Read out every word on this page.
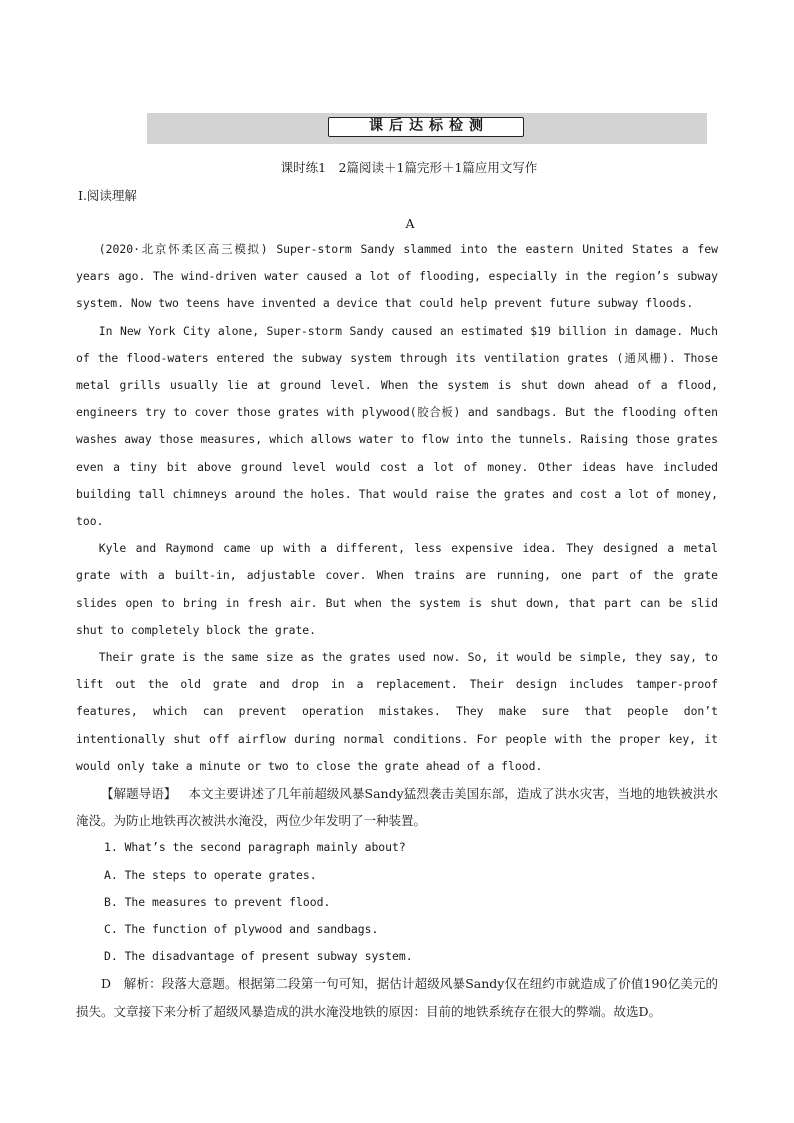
课后达标检测
课时练1　2篇阅读＋1篇完形＋1篇应用文写作
Ⅰ.阅读理解
A

(2020·北京怀柔区高三模拟) Super-storm Sandy slammed into the eastern United States a few years ago. The wind-driven water caused a lot of flooding, especially in the region’s subway system. Now two teens have invented a device that could help prevent future subway floods.

In New York City alone, Super-storm Sandy caused an estimated $19 billion in damage. Much of the flood-waters entered the subway system through its ventilation grates (通风栅). Those metal grills usually lie at ground level. When the system is shut down ahead of a flood, engineers try to cover those grates with plywood(胶合板) and sandbags. But the flooding often washes away those measures, which allows water to flow into the tunnels. Raising those grates even a tiny bit above ground level would cost a lot of money. Other ideas have included building tall chimneys around the holes. That would raise the grates and cost a lot of money, too.

Kyle and Raymond came up with a different, less expensive idea. They designed a metal grate with a built-in, adjustable cover. When trains are running, one part of the grate slides open to bring in fresh air. But when the system is shut down, that part can be slid shut to completely block the grate.

Their grate is the same size as the grates used now. So, it would be simple, they say, to lift out the old grate and drop in a replacement. Their design includes tamper-proof features, which can prevent operation mistakes. They make sure that people don’t intentionally shut off airflow during normal conditions. For people with the proper key, it would only take a minute or two to close the grate ahead of a flood.

【解题导语】 本文主要讲述了几年前超级风暴Sandy猛烈袭击美国东部，造成了洪水灾害，当地的地铁被洪水淹没。为防止地铁再次被洪水淹没，两位少年发明了一种装置。

1. What’s the second paragraph mainly about?

A. The steps to operate grates.

B. The measures to prevent flood.

C. The function of plywood and sandbags.

D. The disadvantage of present subway system.

D　解析：段落大意题。根据第二段第一句可知，据估计超级风暴Sandy仅在纽约市就造成了价值190亿美元的损失。文章接下来分析了超级风暴造成的洪水淹没地铁的原因：目前的地铁系统存在很大的弊端。故选D。
